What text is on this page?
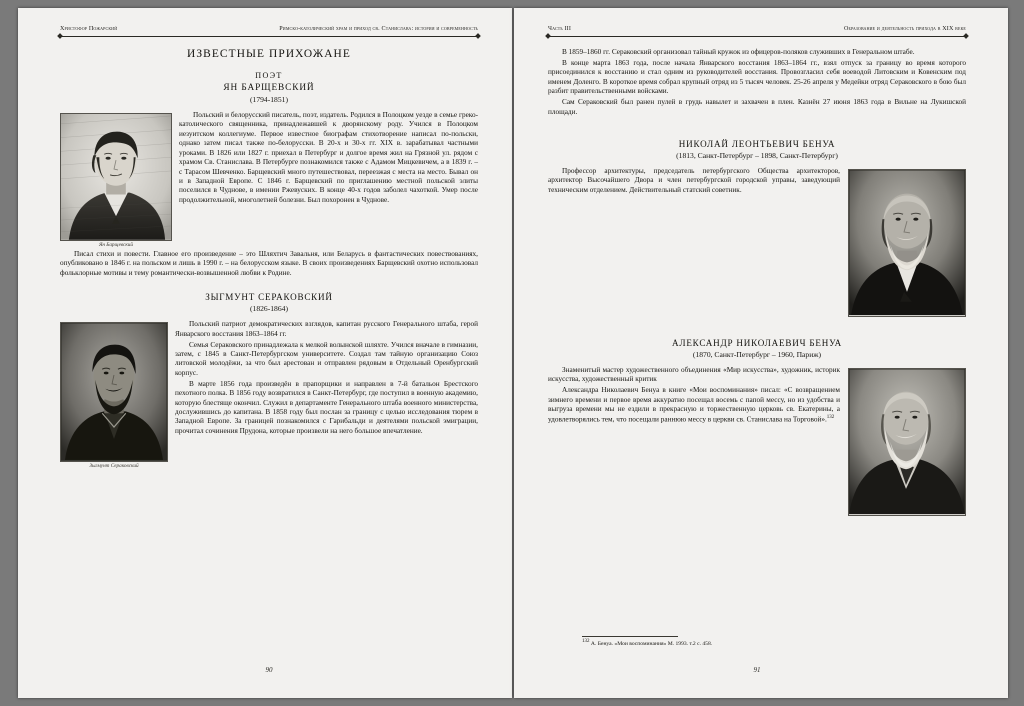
Христофор Пожарский	Римско-католический храм и приход св. Станислава: история и современность
ИЗВЕСТНЫЕ ПРИХОЖАНЕ
ПОЭТ
ЯН БАРЩЕВСКИЙ
(1794-1851)
Ян Барщевский

Польский и белорусский писатель, поэт, издатель. Родился в Полоцком уезде в семье греко-католического священника, принадлежавшей к дворянскому роду. Учился в Полоцком иезуитском коллегиуме. Первое известное биографам стихотворение написал по-польски, однако затем писал также по-белорусски. В 20-х и 30-х гг. XIX в. зарабатывал частными уроками. В 1826 или 1827 г. приехал в Петербург и долгое время жил на Грязной ул. рядом с храмом Св. Станислава. В Петербурге познакомился также с Адамом Мицкевичем, а в 1839 г. – с Тарасом Шевченко. Барщевский много путешествовал, переезжая с места на место. Бывал он и в Западной Европе. С 1846 г. Барщевский по приглашению местной польской элиты поселился в Чуднове, в имении Ржевуских. В конце 40-х годов заболел чахоткой. Умер после продолжительной, многолетней болезни. Был похоронен в Чуднове.

Писал стихи и повести. Главное его произведение – это Шляхтич Завальня, или Беларусь в фантастических повествованиях, опубликовано в 1846 г. на польском и лишь в 1990 г. – на белорусском языке. В своих произведениях Барщевский охотно использовал фольклорные мотивы и тему романтически-возвышенной любви к Родине.

ЗЫГМУНТ СЕРАКОВСКИЙ
(1826-1864)
Зыгмунт Сераковский

Польский патриот демократических взглядов, капитан русского Генерального штаба, герой Январского восстания 1863–1864 гг.

Семья Сераковского принадлежала к мелкой волынской шляхте. Учился вначале в гимназии, затем, с 1845 в Санкт-Петербургском университете. Создал там тайную организацию Союз литовской молодёжи, за что был арестован и отправлен рядовым в Отдельный Оренбургский корпус.

В марте 1856 года произведён в прапорщики и направлен в 7-й батальон Брестского пехотного полка. В 1856 году возвратился в Санкт-Петербург, где поступил в военную академию, которую блестяще окончил. Служил в департаменте Генерального штаба военного министерства, дослужившись до капитана. В 1858 году был послан за границу с целью исследования тюрем в Западной Европе. За границей познакомился с Гарибальди и деятелями польской эмиграции, прочитал сочинения Прудона, которые произвели на него большое впечатление.

90
Часть III	Образование и деятельность прихода в XIX веке

В 1859–1860 гг. Сераковский организовал тайный кружок из офицеров-поляков служивших в Генеральном штабе.

В конце марта 1863 года, после начала Январского восстания 1863–1864 гг., взял отпуск за границу во время которого присоединился к восстанию и стал одним из руководителей восстания. Провозгласил себя воеводой Литовским и Ковенским под именем Доленго. В короткое время собрал крупный отряд из 5 тысяч человек. 25-26 апреля у Медейки отряд Сераковского в бою был разбит правительственными войсками.

Сам Сераковский был ранен пулей в грудь навылет и захвачен в плен. Казнён 27 июня 1863 года в Вильне на Лукишской площади.

НИКОЛАЙ ЛЕОНТЬЕВИЧ БЕНУА
(1813, Санкт-Петербург – 1898, Санкт-Петербург)

Профессор архитектуры, председатель петербургского Общества архитекторов, архитектор Высочайшего Двора и член петербургской городской управы, заведующий техническим отделением. Действительный статский советник.

АЛЕКСАНДР НИКОЛАЕВИЧ БЕНУА
(1870, Санкт-Петербург – 1960, Париж)

Знаменитый мастер художественного объединения «Мир искусства», художник, историк искусства, художественный критик

Александра Николаевич Бенуа в книге «Мои воспоминания» писал: «С возвращением зимнего времени и первое время аккуратно посещал восемь с папой мессу, но из удобства и выгруза времени мы не ездили в прекрасную и торжественную церковь св. Екатерины, а удовлетворялись тем, что посещали раннюю мессу в церкви св. Станислава на Торговой».$^{132}$

132 А. Бенуа. «Мои воспоминания» М. 1993. т.2 с. 458.

91
